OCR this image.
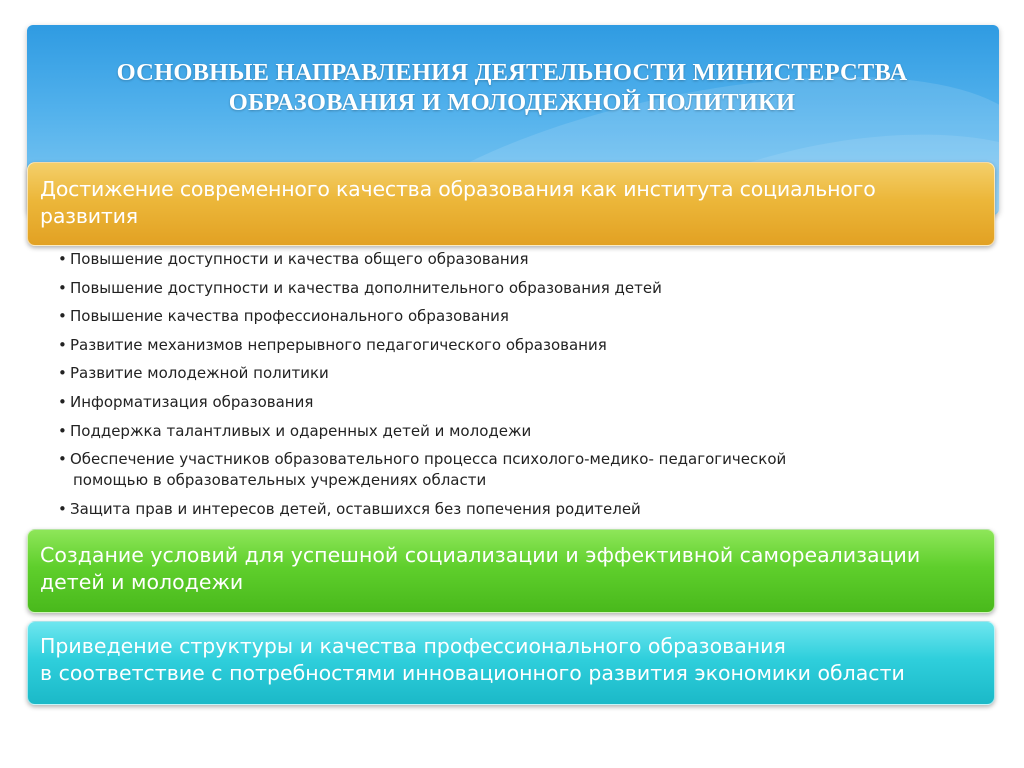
ОСНОВНЫЕ НАПРАВЛЕНИЯ ДЕЯТЕЛЬНОСТИ МИНИСТЕРСТВА
ОБРАЗОВАНИЯ И МОЛОДЕЖНОЙ ПОЛИТИКИ
Достижение современного качества образования как института социального
развития
• Повышение доступности и качества общего образования
• Повышение доступности и качества дополнительного образования детей
• Повышение качества профессионального образования
• Развитие механизмов непрерывного педагогического образования
• Развитие молодежной политики
• Информатизация образования
• Поддержка талантливых и одаренных детей и молодежи
• Обеспечение участников образовательного процесса психолого-медико- педагогической
помощью в образовательных учреждениях области
• Защита прав и интересов детей, оставшихся без попечения родителей
Создание условий для успешной социализации и эффективной самореализации
детей и молодежи
Приведение структуры и качества профессионального образования
в соответствие с потребностями инновационного развития экономики области
